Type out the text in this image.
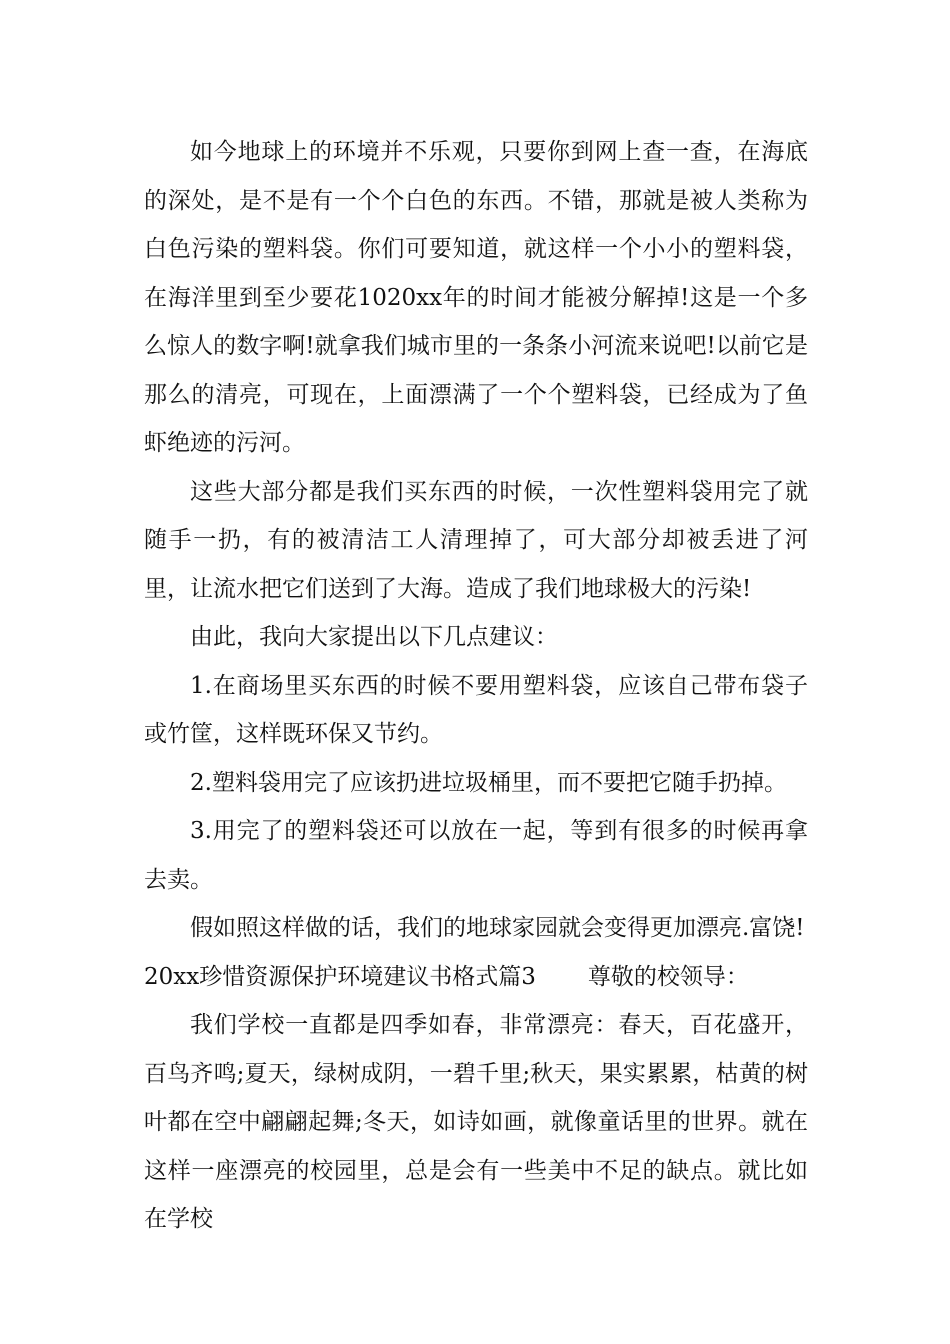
如今地球上的环境并不乐观，只要你到网上查一查，在海底的深处，是不是有一个个白色的东西。不错，那就是被人类称为白色污染的塑料袋。你们可要知道，就这样一个小小的塑料袋，在海洋里到至少要花1020xx年的时间才能被分解掉!这是一个多么惊人的数字啊!就拿我们城市里的一条条小河流来说吧!以前它是那么的清亮，可现在，上面漂满了一个个塑料袋，已经成为了鱼虾绝迹的污河。

这些大部分都是我们买东西的时候，一次性塑料袋用完了就随手一扔，有的被清洁工人清理掉了，可大部分却被丢进了河里，让流水把它们送到了大海。造成了我们地球极大的污染!

由此，我向大家提出以下几点建议：

1.在商场里买东西的时候不要用塑料袋，应该自己带布袋子或竹筐，这样既环保又节约。

2.塑料袋用完了应该扔进垃圾桶里，而不要把它随手扔掉。

3.用完了的塑料袋还可以放在一起，等到有很多的时候再拿去卖。

假如照这样做的话，我们的地球家园就会变得更加漂亮.富饶!

20xx珍惜资源保护环境建议书格式篇3 尊敬的校领导：

我们学校一直都是四季如春，非常漂亮：春天，百花盛开，百鸟齐鸣;夏天，绿树成阴，一碧千里;秋天，果实累累，枯黄的树叶都在空中翩翩起舞;冬天，如诗如画，就像童话里的世界。就在这样一座漂亮的校园里，总是会有一些美中不足的缺点。就比如在学校
